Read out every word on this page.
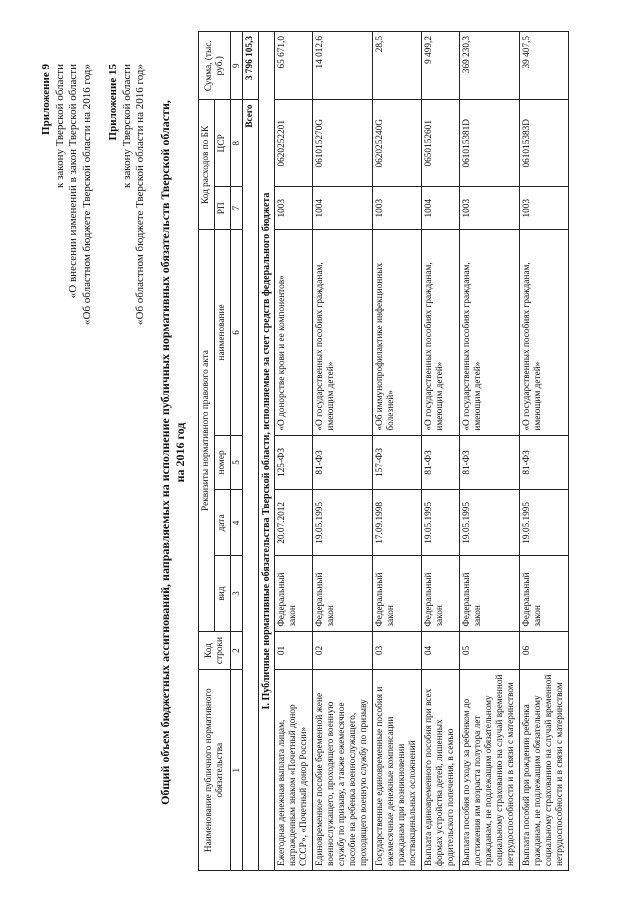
Приложение 9 к закону Тверской области «О внесении изменений в закон Тверской области «Об областном бюджете Тверской области на 2016 год» Приложение 15 к закону Тверской области «Об областном бюджете Тверской области на 2016 год» Общий объем бюджетных ассигнований, направляемых на исполнение публичных нормативных обязательств Тверской области, на 2016 год
Наименование публичного нормативного обязательства	Код строки	Реквизиты нормативного правового акта				Код расходов по БК		Сумма, (тыс. руб.)
		вид	дата	номер	наименование	РП	ЦСР	
1	2	3	4	5	6	7	8	9
Всего								3 796 105,3
I. Публичные нормативные обязательства Тверской области, исполняемые за счет средств федерального бюджета								
Ежегодная денежная выплата лицам, награжденным знаком «Почетный донор СССР», «Почетный донор России»	01	Федеральный закон	20.07.2012	125-ФЗ	«О донорстве крови и ее компонентов»	1003	0620252201	65 671,0
Единовременное пособие беременной жене военнослужащего, проходящего военную службу по призыву, а также ежемесячное пособие на ребенка военнослужащего, проходящего военную службу по призыву	02	Федеральный закон	19.05.1995	81-ФЗ	«О государственных пособиях гражданам, имеющим детей»	1004	061015270G	14 012,6
Государственные единовременные пособия и ежемесячные денежные компенсации гражданам при возникновении поствакцинальных осложнений	03	Федеральный закон	17.09.1998	157-ФЗ	«Об иммунопрофилактике инфекционных болезней»	1003	062025240G	28,5
Выплата единовременного пособия при всех формах устройства детей, лишенных родительского попечения, в семью	04	Федеральный закон	19.05.1995	81-ФЗ	«О государственных пособиях гражданам, имеющим детей»	1004	0650152601	9 499,2
Выплата пособия по уходу за ребенком до достижения им возраста полутора лет гражданам, не подлежащим обязательному социальному страхованию на случай временной нетрудоспособности и в связи с материнством	05	Федеральный закон	19.05.1995	81-ФЗ	«О государственных пособиях гражданам, имеющим детей»	1003	061015381D	369 230,3
Выплата пособий при рождении ребенка гражданам, не подлежащим обязательному социальному страхованию на случай временной нетрудоспособности и в связи с материнством	06	Федеральный закон	19.05.1995	81-ФЗ	«О государственных пособиях гражданам, имеющим детей»	1003	061015383D	39 407,5
